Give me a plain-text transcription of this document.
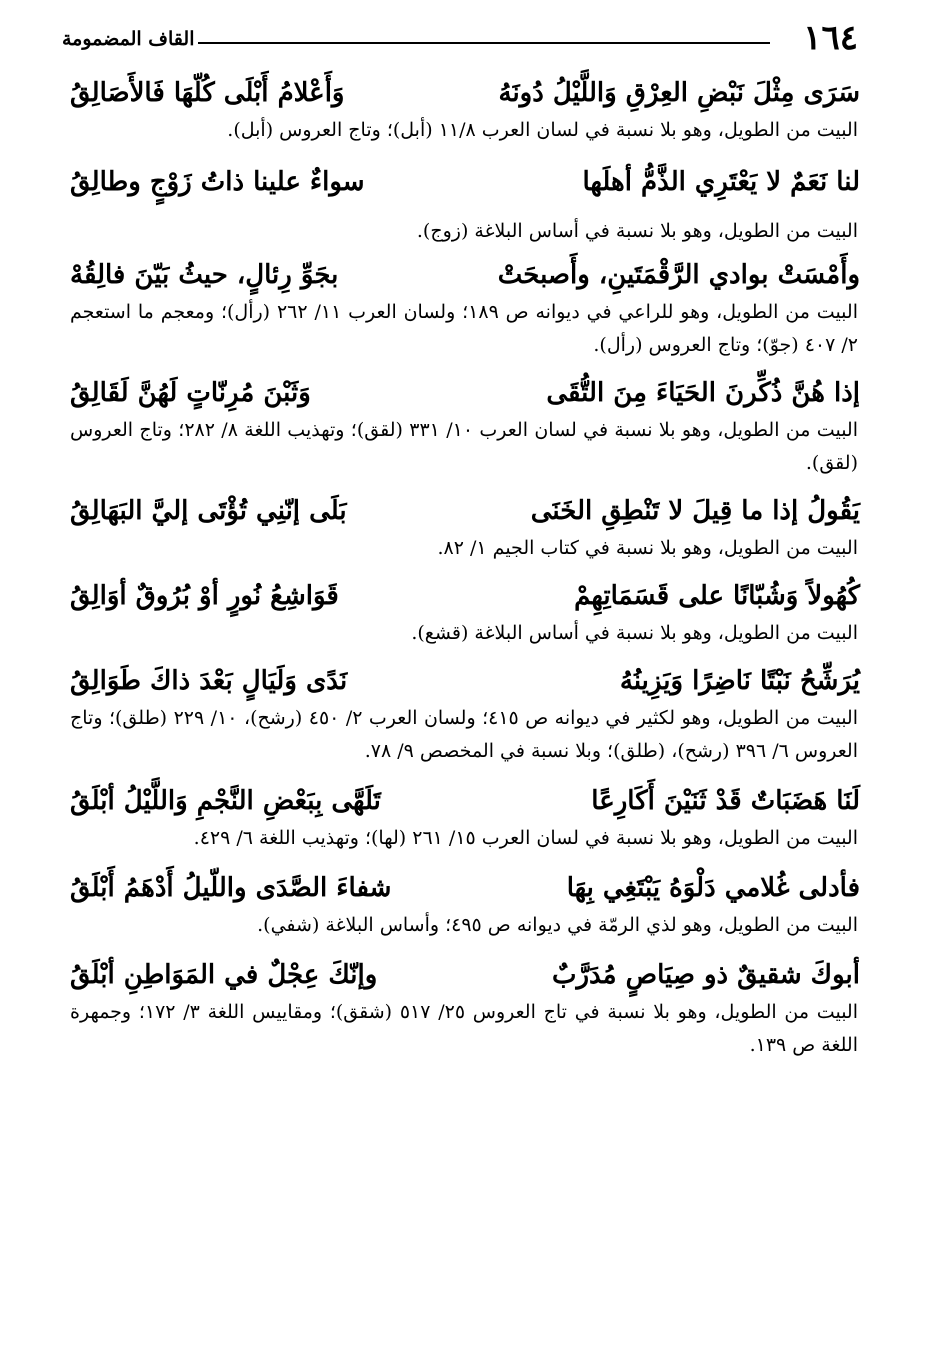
١٦٤
القاف المضمومة
سَرَى مِثْلَ نَبْضِ العِرْقِ وَاللَّيْلُ دُونَهُ
وَأَعْلامُ أَبْلَى كُلّهَا فَالأَصَالِقُ
البيت من الطويل، وهو بلا نسبة في لسان العرب ١١/٨ (أبل)؛ وتاج العروس (أبل).
لنا نَعَمٌ لا يَعْتَرِي الذَّمُّ أهلَها
سواءٌ علينا ذاتُ زَوْجٍ وطالِقُ
البيت من الطويل، وهو بلا نسبة في أساس البلاغة (زوج).
وأَمْسَتْ بوادي الرَّقْمَتَينِ، وأَصبحَتْ
بجَوِّ رِئالٍ، حيثُ بَيّنَ فالِقُهْ
البيت من الطويل، وهو للراعي في ديوانه ص ١٨٩؛ ولسان العرب ١١/ ٢٦٢ (رأل)؛ ومعجم ما استعجم ٢/ ٤٠٧ (جوّ)؛ وتاج العروس (رأل).
إذا هُنَّ ذُكِّرنَ الحَيَاءَ مِنَ التُّقَى
وَثَبْنَ مُرِنّاتٍ لَهُنَّ لَقَالِقُ
البيت من الطويل، وهو بلا نسبة في لسان العرب ١٠/ ٣٣١ (لقق)؛ وتهذيب اللغة ٨/ ٢٨٢؛ وتاج العروس (لقق).
يَقُولُ إذا ما قِيلَ لا تَنْطِقِ الخَنَى
بَلَى إنّنِي تُؤْتَى إليَّ البَهَالِقُ
البيت من الطويل، وهو بلا نسبة في كتاب الجيم ١/ ٨٢.
كُهُولاً وَشُبّانًا على قَسَمَاتِهِمْ
قَوَاشِعُ نُورٍ أوْ بُرُوقٌ أوَالِقُ
البيت من الطويل، وهو بلا نسبة في أساس البلاغة (قشع).
يُرَشِّحُ نَبْتًا نَاضِرًا وَيَزِينُهُ
نَدًى وَلَيَالٍ بَعْدَ ذاكَ طَوَالِقُ
البيت من الطويل، وهو لكثير في ديوانه ص ٤١٥؛ ولسان العرب ٢/ ٤٥٠ (رشح)، ١٠/ ٢٢٩ (طلق)؛ وتاج العروس ٦/ ٣٩٦ (رشح)، (طلق)؛ وبلا نسبة في المخصص ٩/ ٧٨.
لَنَا هَضَبَاتٌ قَدْ ثَنَيْنَ أَكَارِعًا
تَلَهَّى بِبَعْضِ النَّجْمِ وَاللَّيْلُ أبْلَقُ
البيت من الطويل، وهو بلا نسبة في لسان العرب ١٥/ ٢٦١ (لها)؛ وتهذيب اللغة ٦/ ٤٢٩.
فأدلى غُلامي دَلْوَهُ يَبْتَغِي بِهَا
شفاءَ الصَّدَى واللّيلُ أَدْهَمُ أَبْلَقُ
البيت من الطويل، وهو لذي الرمّة في ديوانه ص ٤٩٥؛ وأساس البلاغة (شفي).
أبوكَ شقيقٌ ذو صِيَاصٍ مُدَرَّبٌ
وإنّكَ عِجْلٌ في المَوَاطِنِ أبْلَقُ
البيت من الطويل، وهو بلا نسبة في تاج العروس ٢٥/ ٥١٧ (شقق)؛ ومقاييس اللغة ٣/ ١٧٢؛ وجمهرة اللغة ص ١٣٩.
